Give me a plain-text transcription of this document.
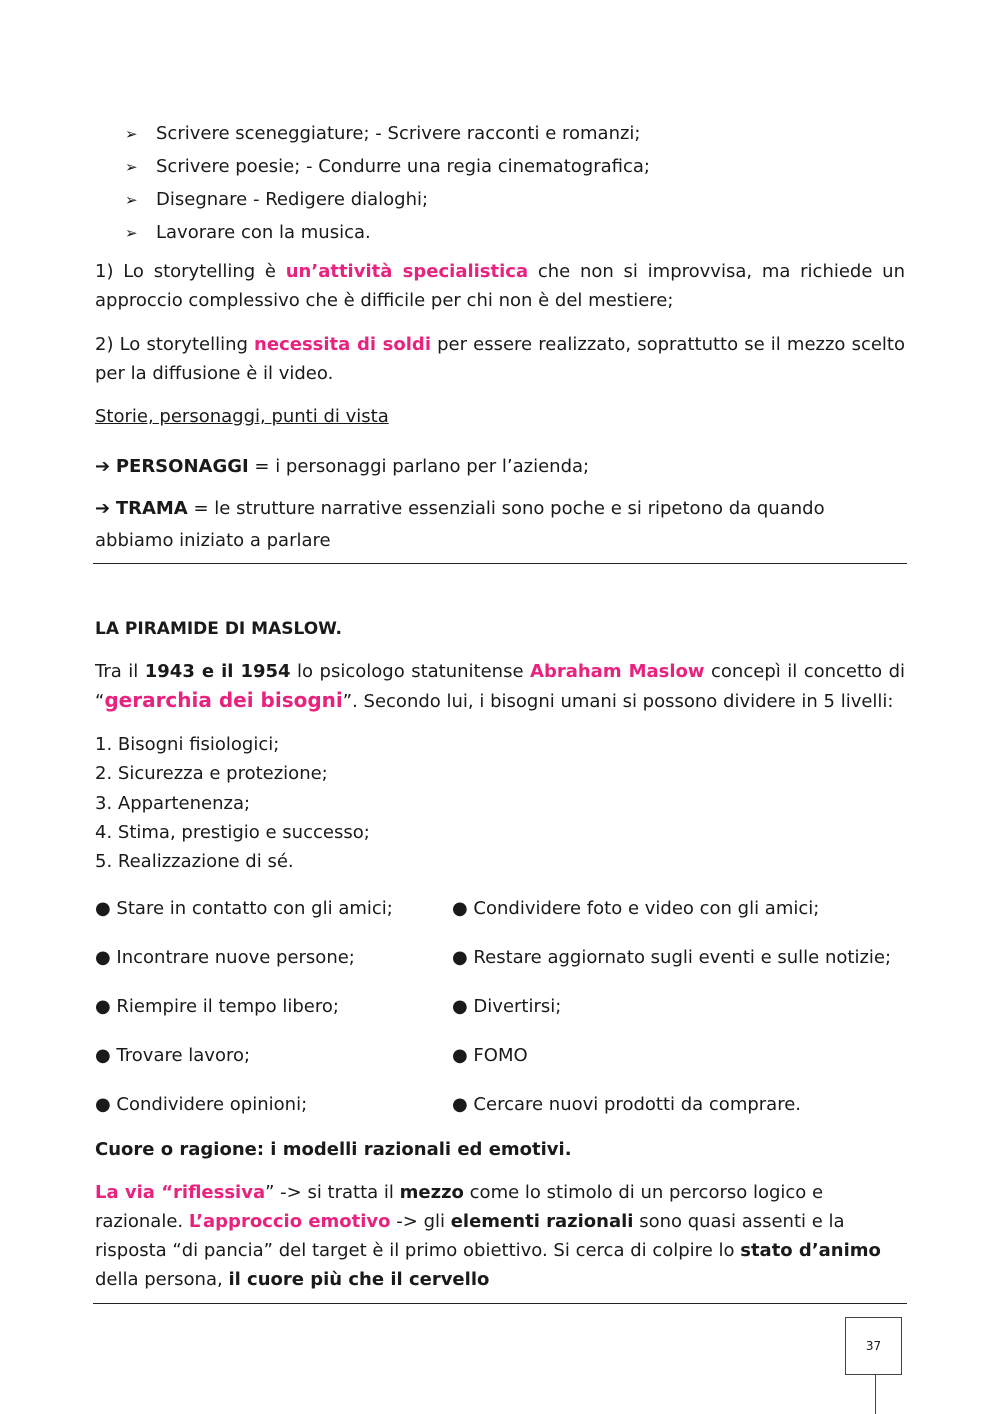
➢	Scrivere sceneggiature; - Scrivere racconti e romanzi;
➢	Scrivere poesie; - Condurre una regia cinematografica;
➢	Disegnare - Redigere dialoghi;
➢	Lavorare con la musica.

1) Lo storytelling è un’attività specialistica che non si improvvisa, ma richiede un approccio complessivo che è difficile per chi non è del mestiere;

2) Lo storytelling necessita di soldi per essere realizzato, soprattutto se il mezzo scelto per la diffusione è il video.

Storie, personaggi, punti di vista

➔ PERSONAGGI = i personaggi parlano per l’azienda;

➔ TRAMA = le strutture narrative essenziali sono poche e si ripetono da quando abbiamo iniziato a parlare

LA PIRAMIDE DI MASLOW.

Tra il 1943 e il 1954 lo psicologo statunitense Abraham Maslow concepì il concetto di “gerarchia dei bisogni”. Secondo lui, i bisogni umani si possono dividere in 5 livelli:

1. Bisogni fisiologici;
2. Sicurezza e protezione;
3. Appartenenza;
4. Stima, prestigio e successo;
5. Realizzazione di sé.
● Stare in contatto con gli amici;	● Condividere foto e video con gli amici;
● Incontrare nuove persone;	● Restare aggiornato sugli eventi e sulle notizie;
● Riempire il tempo libero;	● Divertirsi;
● Trovare lavoro;	● FOMO
● Condividere opinioni;	● Cercare nuovi prodotti da comprare.

Cuore o ragione: i modelli razionali ed emotivi.

La via “riflessiva” -> si tratta il mezzo come lo stimolo di un percorso logico e razionale. L’approccio emotivo -> gli elementi razionali sono quasi assenti e la risposta “di pancia” del target è il primo obiettivo. Si cerca di colpire lo stato d’animo della persona, il cuore più che il cervello

37
